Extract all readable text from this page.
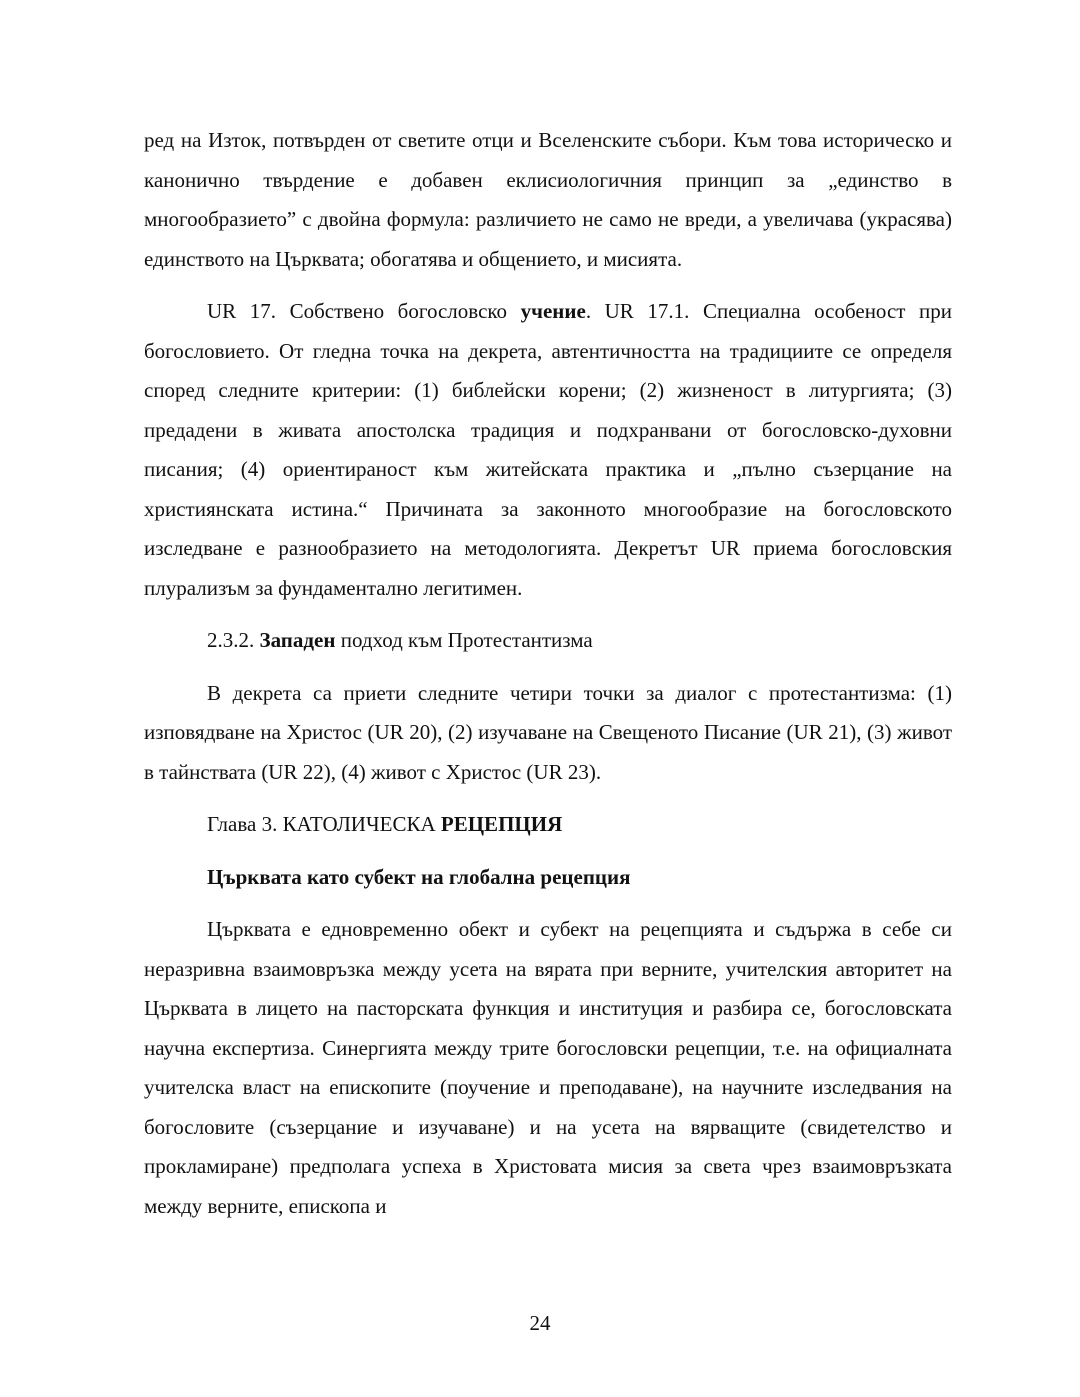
ред на Изток, потвърден от светите отци и Вселенските събори. Към това историческо и канонично твърдение е добавен еклисиологичния принцип за „единство в многообразието” с двойна формула: различието не само не вреди, а увеличава (украсява) единството на Църквата; обогатява и общението, и мисията.

UR 17. Собствено богословско учение. UR 17.1. Специална особеност при богословието. От гледна точка на декрета, автентичността на традициите се определя според следните критерии: (1) библейски корени; (2) жизненост в литургията; (3) предадени в живата апостолска традиция и подхранвани от богословско-духовни писания; (4) ориентираност към житейската практика и „пълно съзерцание на християнската истина.“ Причината за законното многообразие на богословското изследване е разнообразието на методологията. Декретът UR приема богословския плурализъм за фундаментално легитимен.

2.3.2. Западен подход към Протестантизма

В декрета са приети следните четири точки за диалог с протестантизма: (1) изповядване на Христос (UR 20), (2) изучаване на Свещеното Писание (UR 21), (3) живот в тайнствата (UR 22), (4) живот с Христос (UR 23).

Глава 3. КАТОЛИЧЕСКА РЕЦЕПЦИЯ

Църквата като субект на глобална рецепция

Църквата е едновременно обект и субект на рецепцията и съдържа в себе си неразривна взаимовръзка между усета на вярата при верните, учителския авторитет на Църквата в лицето на пасторската функция и институция и разбира се, богословската научна експертиза. Синергията между трите богословски рецепции, т.е. на официалната учителска власт на епископите (поучение и преподаване), на научните изследвания на богословите (съзерцание и изучаване) и на усета на вярващите (свидетелство и прокламиране) предполага успеха в Христовата мисия за света чрез взаимовръзката между верните, епископа и

24
